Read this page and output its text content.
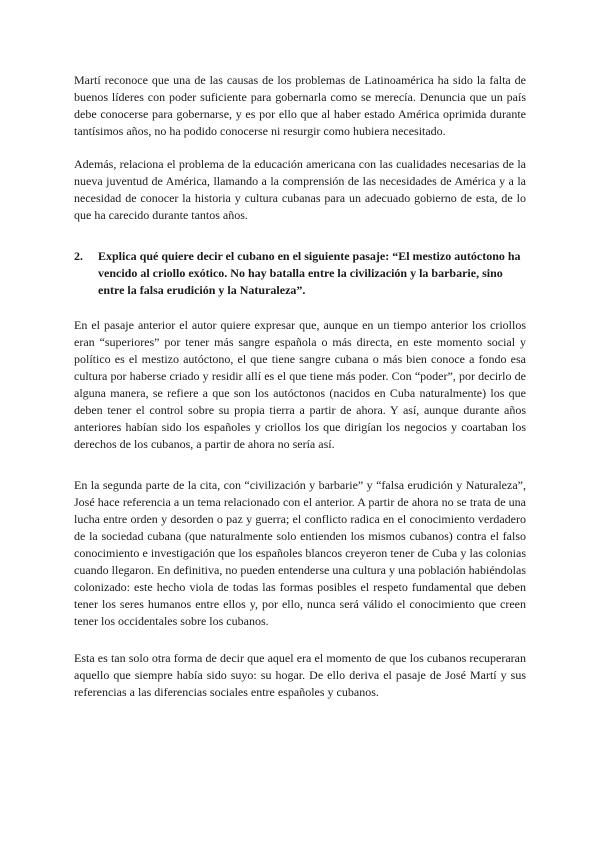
Martí reconoce que una de las causas de los problemas de Latinoamérica ha sido la falta de buenos líderes con poder suficiente para gobernarla como se merecía. Denuncia que un país debe conocerse para gobernarse, y es por ello que al haber estado América oprimida durante tantísimos años, no ha podido conocerse ni resurgir como hubiera necesitado.

Además, relaciona el problema de la educación americana con las cualidades necesarias de la nueva juventud de América, llamando a la comprensión de las necesidades de América y a la necesidad de conocer la historia y cultura cubanas para un adecuado gobierno de esta, de lo que ha carecido durante tantos años.

2.	Explica qué quiere decir el cubano en el siguiente pasaje: “El mestizo autóctono ha vencido al criollo exótico. No hay batalla entre la civilización y la barbarie, sino entre la falsa erudición y la Naturaleza”.

En el pasaje anterior el autor quiere expresar que, aunque en un tiempo anterior los criollos eran “superiores” por tener más sangre española o más directa, en este momento social y político es el mestizo autóctono, el que tiene sangre cubana o más bien conoce a fondo esa cultura por haberse criado y residir allí es el que tiene más poder. Con “poder”, por decirlo de alguna manera, se refiere a que son los autóctonos (nacidos en Cuba naturalmente) los que deben tener el control sobre su propia tierra a partir de ahora. Y así, aunque durante años anteriores habían sido los españoles y criollos los que dirigían los negocios y coartaban los derechos de los cubanos, a partir de ahora no sería así.

En la segunda parte de la cita, con “civilización y barbarie” y “falsa erudición y Naturaleza”, José hace referencia a un tema relacionado con el anterior. A partir de ahora no se trata de una lucha entre orden y desorden o paz y guerra; el conflicto radica en el conocimiento verdadero de la sociedad cubana (que naturalmente solo entienden los mismos cubanos) contra el falso conocimiento e investigación que los españoles blancos creyeron tener de Cuba y las colonias cuando llegaron. En definitiva, no pueden entenderse una cultura y una población habiéndolas colonizado: este hecho viola de todas las formas posibles el respeto fundamental que deben tener los seres humanos entre ellos y, por ello, nunca será válido el conocimiento que creen tener los occidentales sobre los cubanos.

Esta es tan solo otra forma de decir que aquel era el momento de que los cubanos recuperaran aquello que siempre había sido suyo: su hogar. De ello deriva el pasaje de José Martí y sus referencias a las diferencias sociales entre españoles y cubanos.
